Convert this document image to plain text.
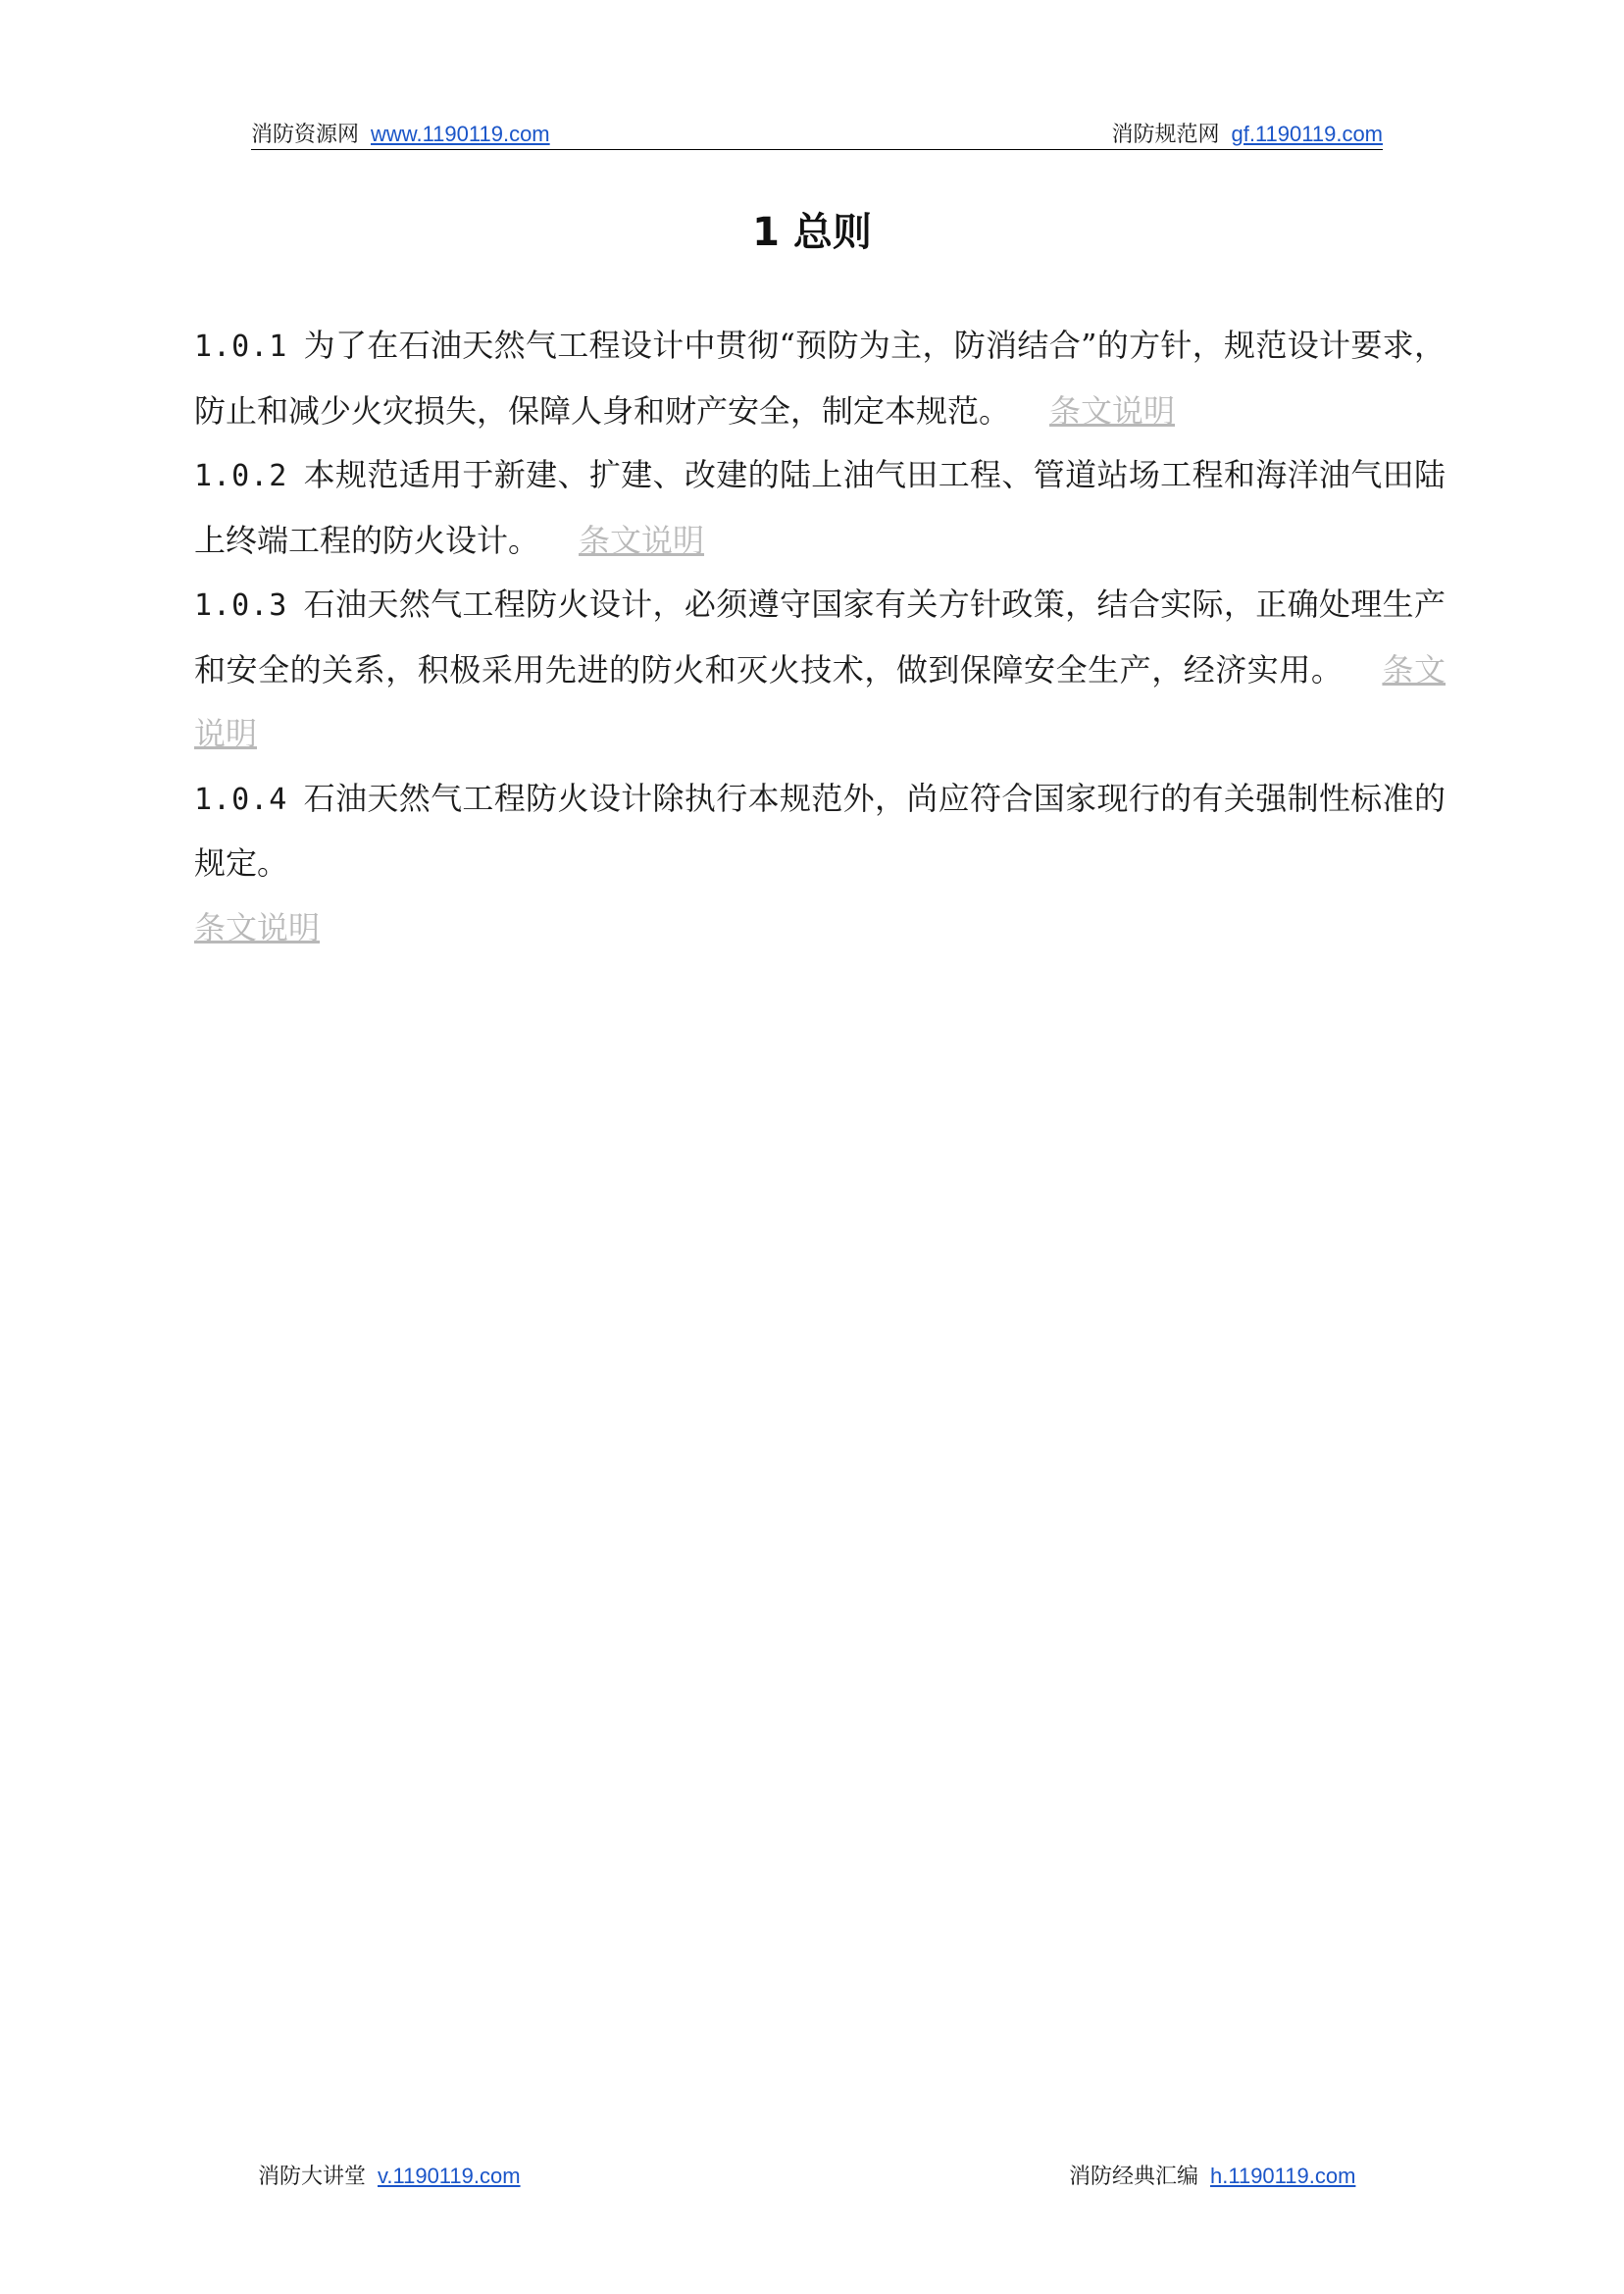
消防资源网 www.1190119.com	消防规范网 gf.1190119.com
1 总则

1.0.1 为了在石油天然气工程设计中贯彻“预防为主，防消结合”的方针，规范设计要求，防止和减少火灾损失，保障人身和财产安全，制定本规范。 条文说明

1.0.2 本规范适用于新建、扩建、改建的陆上油气田工程、管道站场工程和海洋油气田陆上终端工程的防火设计。 条文说明

1.0.3 石油天然气工程防火设计，必须遵守国家有关方针政策，结合实际，正确处理生产和安全的关系，积极采用先进的防火和灭火技术，做到保障安全生产，经济实用。 条文说明

1.0.4 石油天然气工程防火设计除执行本规范外，尚应符合国家现行的有关强制性标准的规定。
条文说明

消防大讲堂 v.1190119.com	消防经典汇编 h.1190119.com
